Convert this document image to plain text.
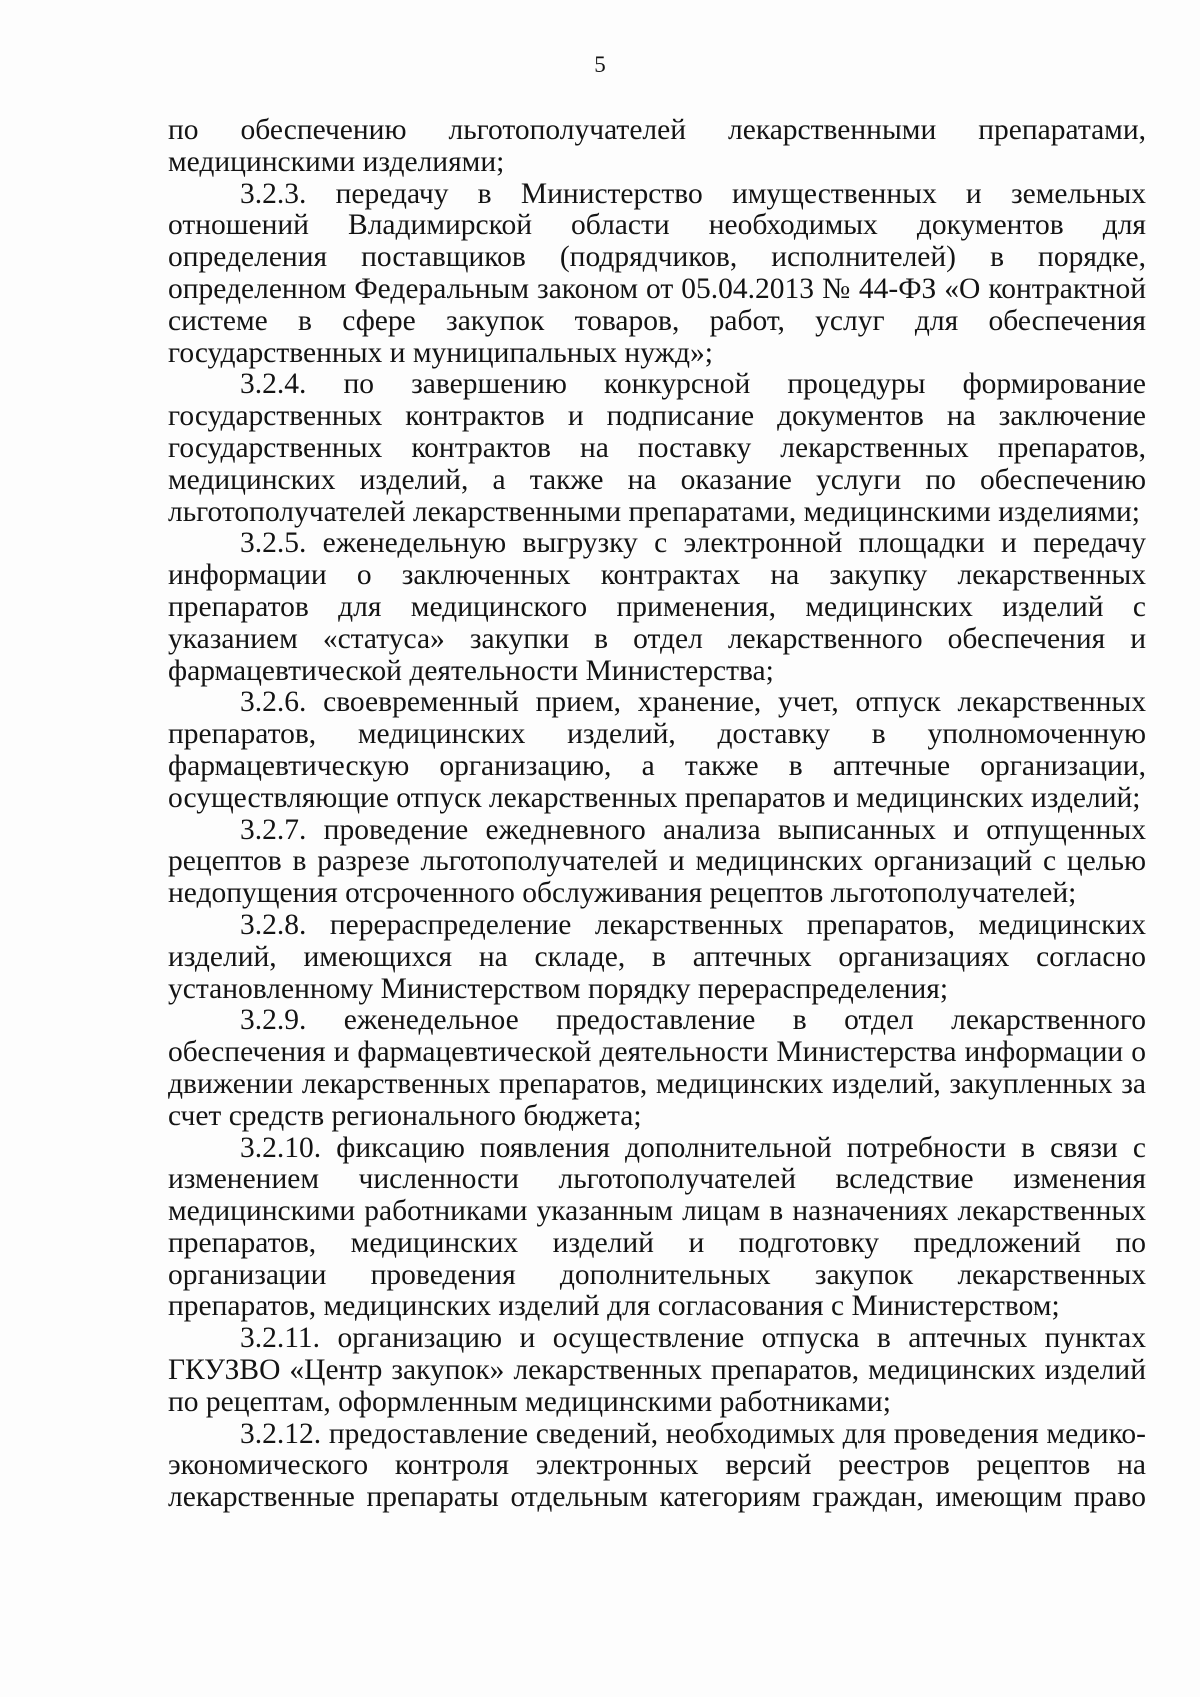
5

по обеспечению льготополучателей лекарственными препаратами, медицинскими изделиями;

3.2.3. передачу в Министерство имущественных и земельных отношений Владимирской области необходимых документов для определения поставщиков (подрядчиков, исполнителей) в порядке, определенном Федеральным законом от 05.04.2013 № 44-ФЗ «О контрактной системе в сфере закупок товаров, работ, услуг для обеспечения государственных и муниципальных нужд»;

3.2.4. по завершению конкурсной процедуры формирование государственных контрактов и подписание документов на заключение государственных контрактов на поставку лекарственных препаратов, медицинских изделий, а также на оказание услуги по обеспечению льготополучателей лекарственными препаратами, медицинскими изделиями;

3.2.5. еженедельную выгрузку с электронной площадки и передачу информации о заключенных контрактах на закупку лекарственных препаратов для медицинского применения, медицинских изделий с указанием «статуса» закупки в отдел лекарственного обеспечения и фармацевтической деятельности Министерства;

3.2.6. своевременный прием, хранение, учет, отпуск лекарственных препаратов, медицинских изделий, доставку в уполномоченную фармацевтическую организацию, а также в аптечные организации, осуществляющие отпуск лекарственных препаратов и медицинских изделий;

3.2.7. проведение ежедневного анализа выписанных и отпущенных рецептов в разрезе льготополучателей и медицинских организаций с целью недопущения отсроченного обслуживания рецептов льготополучателей;

3.2.8. перераспределение лекарственных препаратов, медицинских изделий, имеющихся на складе, в аптечных организациях согласно установленному Министерством порядку перераспределения;

3.2.9. еженедельное предоставление в отдел лекарственного обеспечения и фармацевтической деятельности Министерства информации о движении лекарственных препаратов, медицинских изделий, закупленных за счет средств регионального бюджета;

3.2.10. фиксацию появления дополнительной потребности в связи с изменением численности льготополучателей вследствие изменения медицинскими работниками указанным лицам в назначениях лекарственных препаратов, медицинских изделий и подготовку предложений по организации проведения дополнительных закупок лекарственных препаратов, медицинских изделий для согласования с Министерством;

3.2.11. организацию и осуществление отпуска в аптечных пунктах ГКУЗВО «Центр закупок» лекарственных препаратов, медицинских изделий по рецептам, оформленным медицинскими работниками;

3.2.12. предоставление сведений, необходимых для проведения медико-экономического контроля электронных версий реестров рецептов на лекарственные препараты отдельным категориям граждан, имеющим право
